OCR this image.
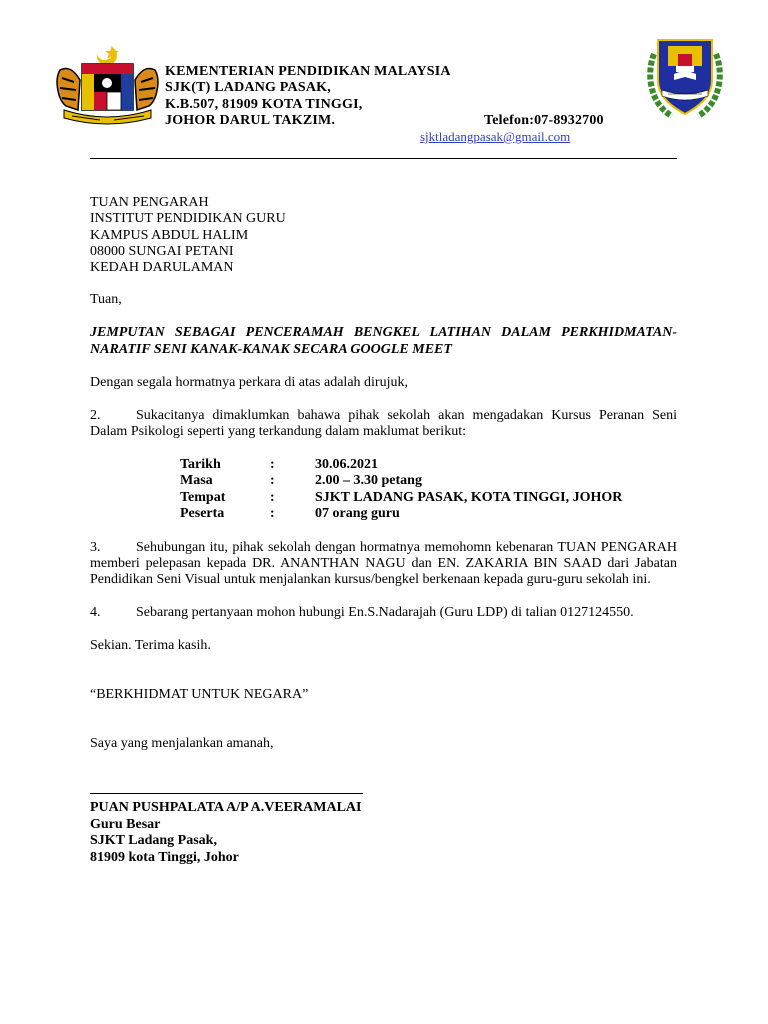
KEMENTERIAN PENDIDIKAN MALAYSIA
SJK(T) LADANG PASAK,
K.B.507, 81909 KOTA TINGGI,
JOHOR DARUL TAKZIM.	Telefon:07-8932700
sjktladangpasak@gmail.com
TUAN PENGARAH
INSTITUT PENDIDIKAN GURU
KAMPUS ABDUL HALIM
08000 SUNGAI PETANI
KEDAH DARULAMAN
Tuan,
JEMPUTAN SEBAGAI PENCERAMAH BENGKEL LATIHAN DALAM PERKHIDMATAN-
NARATIF SENI KANAK-KANAK SECARA GOOGLE MEET
Dengan segala hormatnya perkara di atas adalah dirujuk,
2.	Sukacitanya dimaklumkan bahawa pihak sekolah akan mengadakan Kursus Peranan Seni Dalam Psikologi seperti yang terkandung dalam maklumat berikut:
Tarikh	:	30.06.2021
Masa	:	2.00 – 3.30 petang
Tempat	:	SJKT LADANG PASAK, KOTA TINGGI, JOHOR
Peserta	:	07 orang guru
3.	Sehubungan itu, pihak sekolah dengan hormatnya memohomn kebenaran TUAN PENGARAH memberi pelepasan kepada DR. ANANTHAN NAGU dan EN. ZAKARIA BIN SAAD dari Jabatan Pendidikan Seni Visual untuk menjalankan kursus/bengkel berkenaan kepada guru-guru sekolah ini.
4.	Sebarang pertanyaan mohon hubungi En.S.Nadarajah (Guru LDP) di talian 0127124550.
Sekian. Terima kasih.
“BERKHIDMAT UNTUK NEGARA”
Saya yang menjalankan amanah,
PUAN PUSHPALATA A/P A.VEERAMALAI
Guru Besar
SJKT Ladang Pasak,
81909 kota Tinggi, Johor
